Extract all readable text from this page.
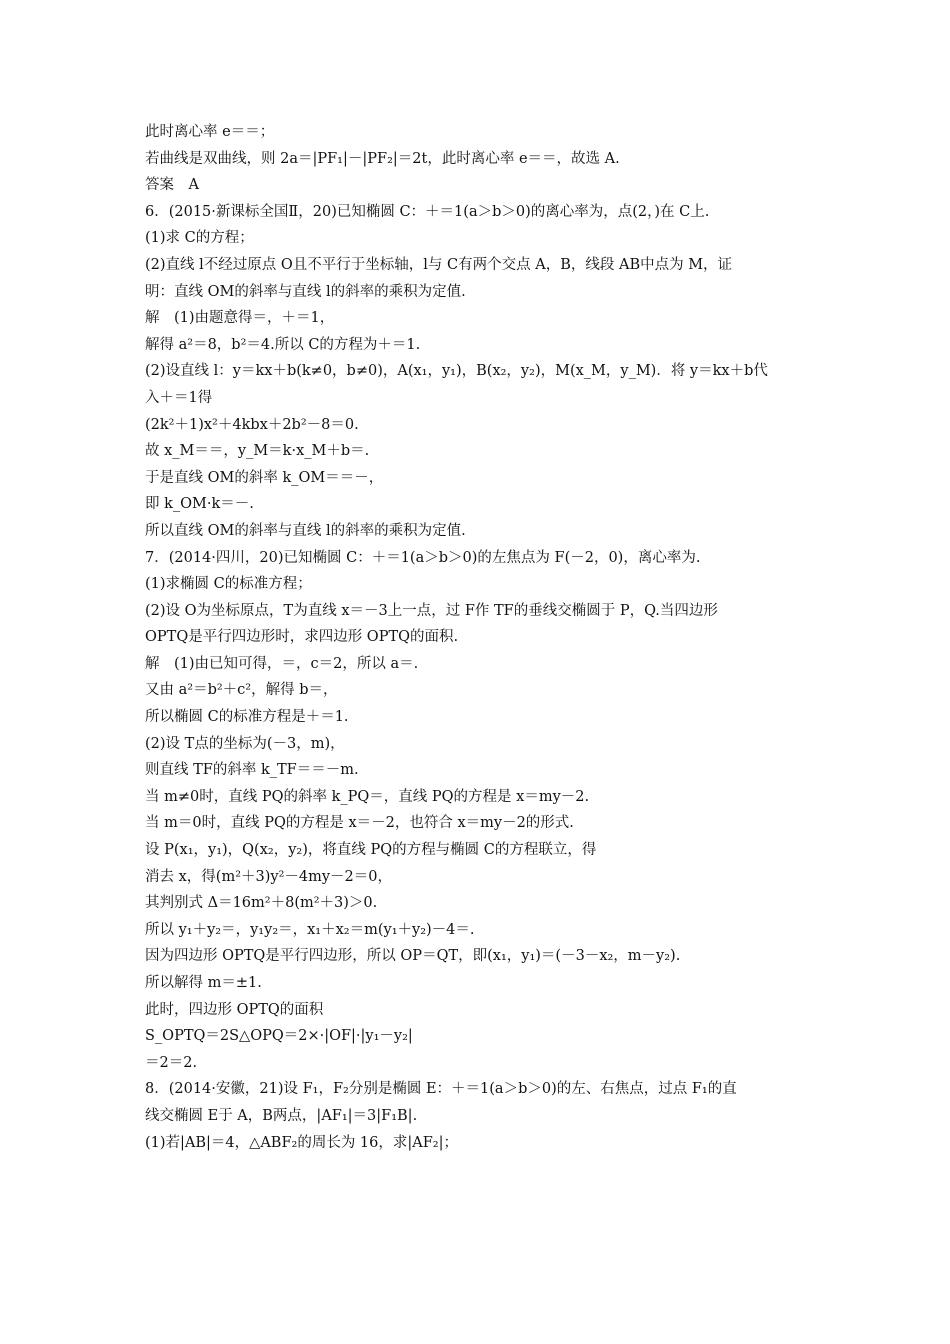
此时离心率 e＝＝；
若曲线是双曲线，则 2a＝|PF₁|－|PF₂|＝2t，此时离心率 e＝＝，故选 A.
答案　A
6．(2015·新课标全国Ⅱ，20)已知椭圆 C：＋＝1(a＞b＞0)的离心率为，点(2，)在 C上.
(1)求 C的方程；
(2)直线 l不经过原点 O且不平行于坐标轴，l与 C有两个交点 A，B，线段 AB中点为 M，证
明：直线 OM的斜率与直线 l的斜率的乘积为定值.
解　(1)由题意得＝，＋＝1，
解得 a²＝8，b²＝4.所以 C的方程为＋＝1.
(2)设直线 l：y＝kx＋b(k≠0，b≠0)，A(x₁，y₁)，B(x₂，y₂)，M(x_M，y_M)．将 y＝kx＋b代
入＋＝1得
(2k²＋1)x²＋4kbx＋2b²－8＝0.
故 x_M＝＝，y_M＝k·x_M＋b＝.
于是直线 OM的斜率 k_OM＝＝－，
即 k_OM·k＝－.
所以直线 OM的斜率与直线 l的斜率的乘积为定值.
7．(2014·四川，20)已知椭圆 C：＋＝1(a＞b＞0)的左焦点为 F(－2，0)，离心率为.
(1)求椭圆 C的标准方程；
(2)设 O为坐标原点，T为直线 x＝－3上一点，过 F作 TF的垂线交椭圆于 P，Q.当四边形
OPTQ是平行四边形时，求四边形 OPTQ的面积.
解　(1)由已知可得，＝，c＝2，所以 a＝.
又由 a²＝b²＋c²，解得 b＝，
所以椭圆 C的标准方程是＋＝1.
(2)设 T点的坐标为(－3，m)，
则直线 TF的斜率 k_TF＝＝－m.
当 m≠0时，直线 PQ的斜率 k_PQ＝，直线 PQ的方程是 x＝my－2.
当 m＝0时，直线 PQ的方程是 x＝－2，也符合 x＝my－2的形式.
设 P(x₁，y₁)，Q(x₂，y₂)，将直线 PQ的方程与椭圆 C的方程联立，得
消去 x，得(m²＋3)y²－4my－2＝0，
其判别式 Δ＝16m²＋8(m²＋3)＞0.
所以 y₁＋y₂＝，y₁y₂＝，x₁＋x₂＝m(y₁＋y₂)－4＝.
因为四边形 OPTQ是平行四边形，所以 OP＝QT，即(x₁，y₁)＝(－3－x₂，m－y₂).
所以解得 m＝±1.
此时，四边形 OPTQ的面积
S_OPTQ＝2S△OPQ＝2×·|OF|·|y₁－y₂|
＝2＝2.
8．(2014·安徽，21)设 F₁，F₂分别是椭圆 E：＋＝1(a＞b＞0)的左、右焦点，过点 F₁的直
线交椭圆 E于 A，B两点，|AF₁|＝3|F₁B|.
(1)若|AB|＝4，△ABF₂的周长为 16，求|AF₂|；
